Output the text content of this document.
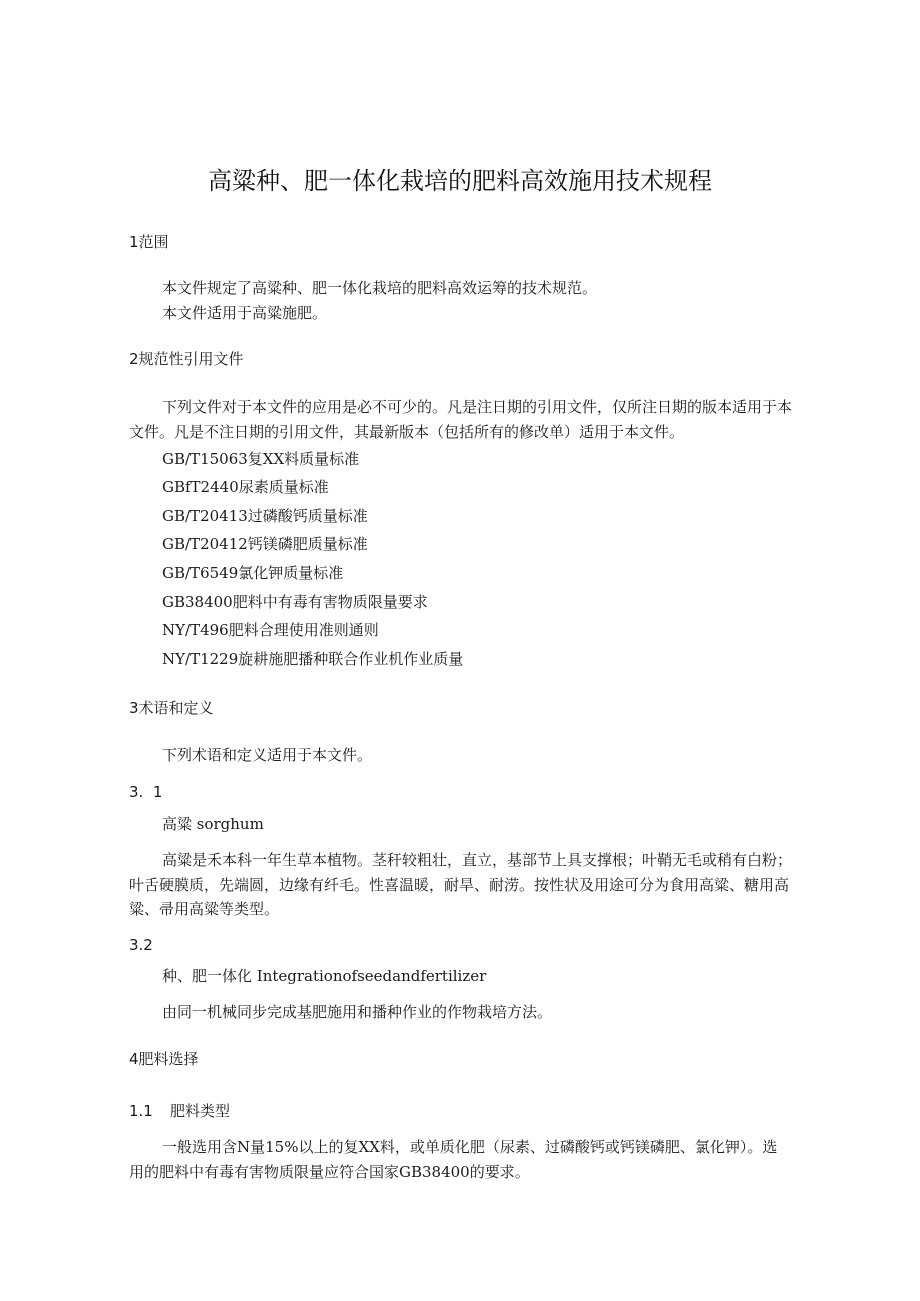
高粱种、肥一体化栽培的肥料高效施用技术规程
1范围
本文件规定了高粱种、肥一体化栽培的肥料高效运筹的技术规范。
本文件适用于高粱施肥。
2规范性引用文件
下列文件对于本文件的应用是必不可少的。凡是注日期的引用文件，仅所注日期的版本适用于本
文件。凡是不注日期的引用文件，其最新版本（包括所有的修改单）适用于本文件。
GB/T15063复XX料质量标准
GBfT2440尿素质量标准
GB/T20413过磷酸钙质量标准
GB/T20412钙镁磷肥质量标准
GB/T6549氯化钾质量标准
GB38400肥料中有毒有害物质限量要求
NY/T496肥料合理使用准则通则
NY/T1229旋耕施肥播种联合作业机作业质量
3术语和定义
下列术语和定义适用于本文件。
3.  1
高粱 sorghum
高粱是禾本科一年生草本植物。茎秆较粗壮，直立，基部节上具支撑根；叶鞘无毛或稍有白粉；
叶舌硬膜质，先端圆，边缘有纤毛。性喜温暖，耐旱、耐涝。按性状及用途可分为食用高粱、糖用高
粱、帚用高粱等类型。
3.2
种、肥一体化 Integrationofseedandfertilizer
由同一机械同步完成基肥施用和播种作业的作物栽培方法。
4肥料选择
1.1 肥料类型
一般选用含N量15%以上的复XX料，或单质化肥（尿素、过磷酸钙或钙镁磷肥、氯化钾）。选
用的肥料中有毒有害物质限量应符合国家GB38400的要求。
